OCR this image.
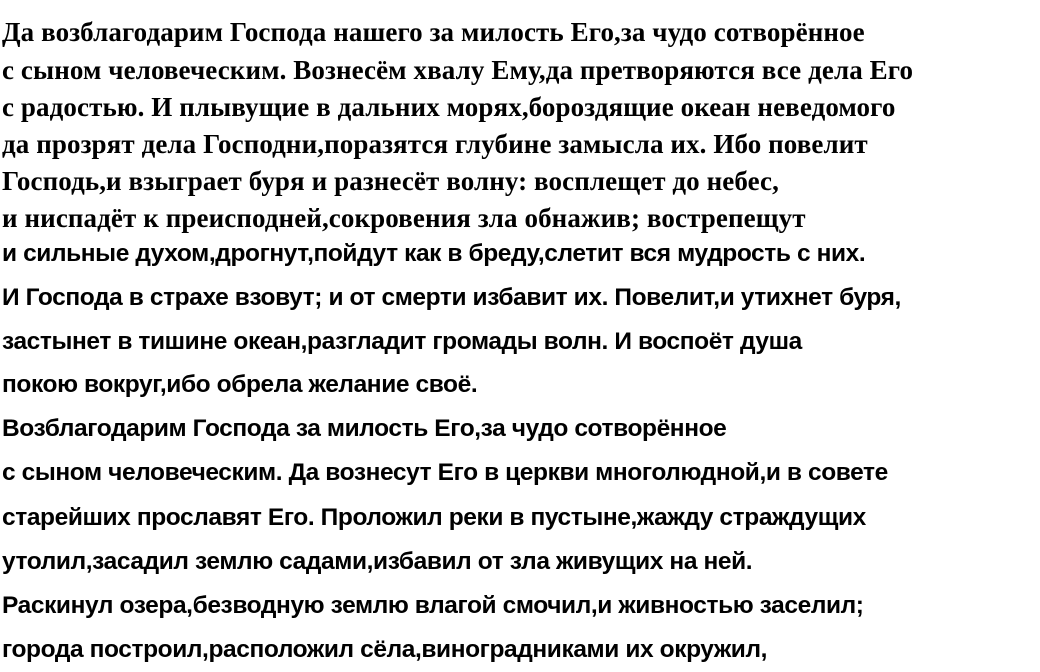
Да возблагодарим Господа нашего за милость Его,за чудо сотворённое
с сыном человеческим. Вознесём хвалу Ему,да претворяются все дела Его
с радостью. И плывущие в дальних морях,бороздящие океан неведомого
да прозрят дела Господни,поразятся глубине замысла их. Ибо повелит
Господь,и взыграет буря и разнесёт волну: восплещет до небес,
и ниспадёт к преисподней,сокровения зла обнажив; вострепещут
и сильные духом,дрогнут,пойдут как в бреду,слетит вся мудрость с них.
И Господа в страхе взовут; и от смерти избавит их. Повелит,и утихнет буря,
застынет в тишине океан,разгладит громады волн. И воспоёт душа
покою вокруг,ибо обрела желание своё.
Возблагодарим Господа за милость Его,за чудо сотворённое
с сыном человеческим. Да вознесут Его в церкви многолюдной,и в совете
старейших прославят Его. Проложил реки в пустыне,жажду страждущих
утолил,засадил землю садами,избавил от зла живущих на ней.
Раскинул озера,безводную землю влагой смочил,и живностью заселил;
города построил,расположил сёла,виноградниками их окружил,
